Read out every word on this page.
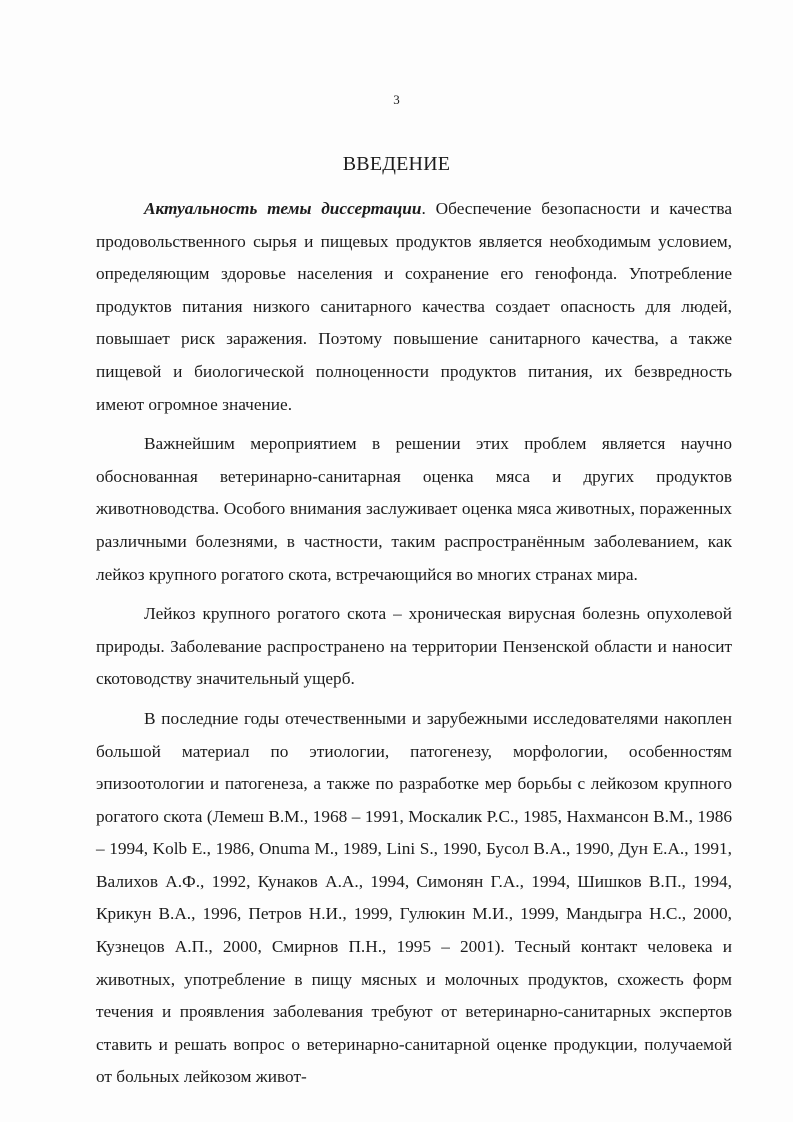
3
ВВЕДЕНИЕ

Актуальность темы диссертации. Обеспечение безопасности и качества продовольственного сырья и пищевых продуктов является необходимым условием, определяющим здоровье населения и сохранение его генофонда. Употребление продуктов питания низкого санитарного качества создает опасность для людей, повышает риск заражения. Поэтому повышение санитарного качества, а также пищевой и биологической полноценности продуктов питания, их безвредность имеют огромное значение.

Важнейшим мероприятием в решении этих проблем является научно обоснованная ветеринарно-санитарная оценка мяса и других продуктов животноводства. Особого внимания заслуживает оценка мяса животных, пораженных различными болезнями, в частности, таким распространённым заболеванием, как лейкоз крупного рогатого скота, встречающийся во многих странах мира.

Лейкоз крупного рогатого скота – хроническая вирусная болезнь опухолевой природы. Заболевание распространено на территории Пензенской области и наносит скотоводству значительный ущерб.

В последние годы отечественными и зарубежными исследователями накоплен большой материал по этиологии, патогенезу, морфологии, особенностям эпизоотологии и патогенеза, а также по разработке мер борьбы с лейкозом крупного рогатого скота (Лемеш В.М., 1968 – 1991, Москалик Р.С., 1985, Нахмансон В.М., 1986 – 1994, Kolb E., 1986, Onuma M., 1989, Lini S., 1990, Бусол В.А., 1990, Дун Е.А., 1991, Валихов А.Ф., 1992, Кунаков А.А., 1994, Симонян Г.А., 1994, Шишков В.П., 1994, Крикун В.А., 1996, Петров Н.И., 1999, Гулюкин М.И., 1999, Мандыгра Н.С., 2000, Кузнецов А.П., 2000, Смирнов П.Н., 1995 – 2001). Тесный контакт человека и животных, употребление в пищу мясных и молочных продуктов, схожесть форм течения и проявления заболевания требуют от ветеринарно-санитарных экспертов ставить и решать вопрос о ветеринарно-санитарной оценке продукции, получаемой от больных лейкозом живот-
